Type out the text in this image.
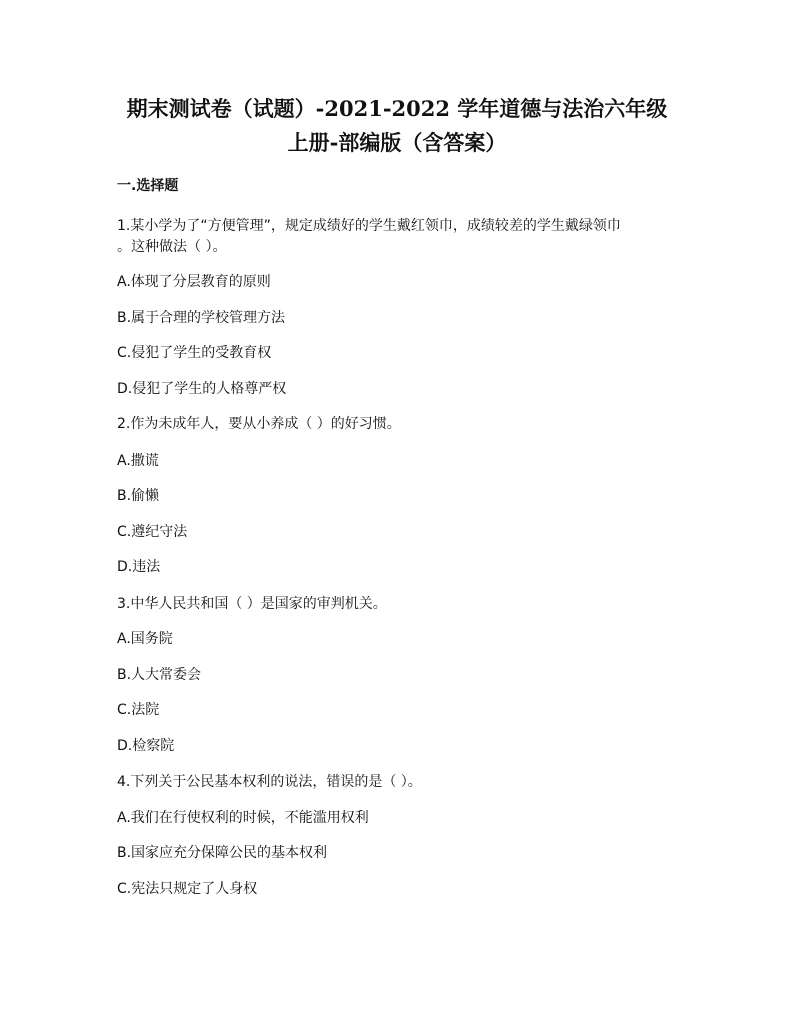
期末测试卷（试题）-2021-2022 学年道德与法治六年级
上册-部编版（含答案）

一.选择题

1.某小学为了“方便管理”，规定成绩好的学生戴红领巾，成绩较差的学生戴绿领巾
。这种做法（ ）。

A.体现了分层教育的原则

B.属于合理的学校管理方法

C.侵犯了学生的受教育权

D.侵犯了学生的人格尊严权

2.作为未成年人，要从小养成（ ）的好习惯。

A.撒谎

B.偷懒

C.遵纪守法

D.违法

3.中华人民共和国（ ）是国家的审判机关。

A.国务院

B.人大常委会

C.法院

D.检察院

4.下列关于公民基本权利的说法，错误的是（ ）。

A.我们在行使权利的时候，不能滥用权利

B.国家应充分保障公民的基本权利

C.宪法只规定了人身权
